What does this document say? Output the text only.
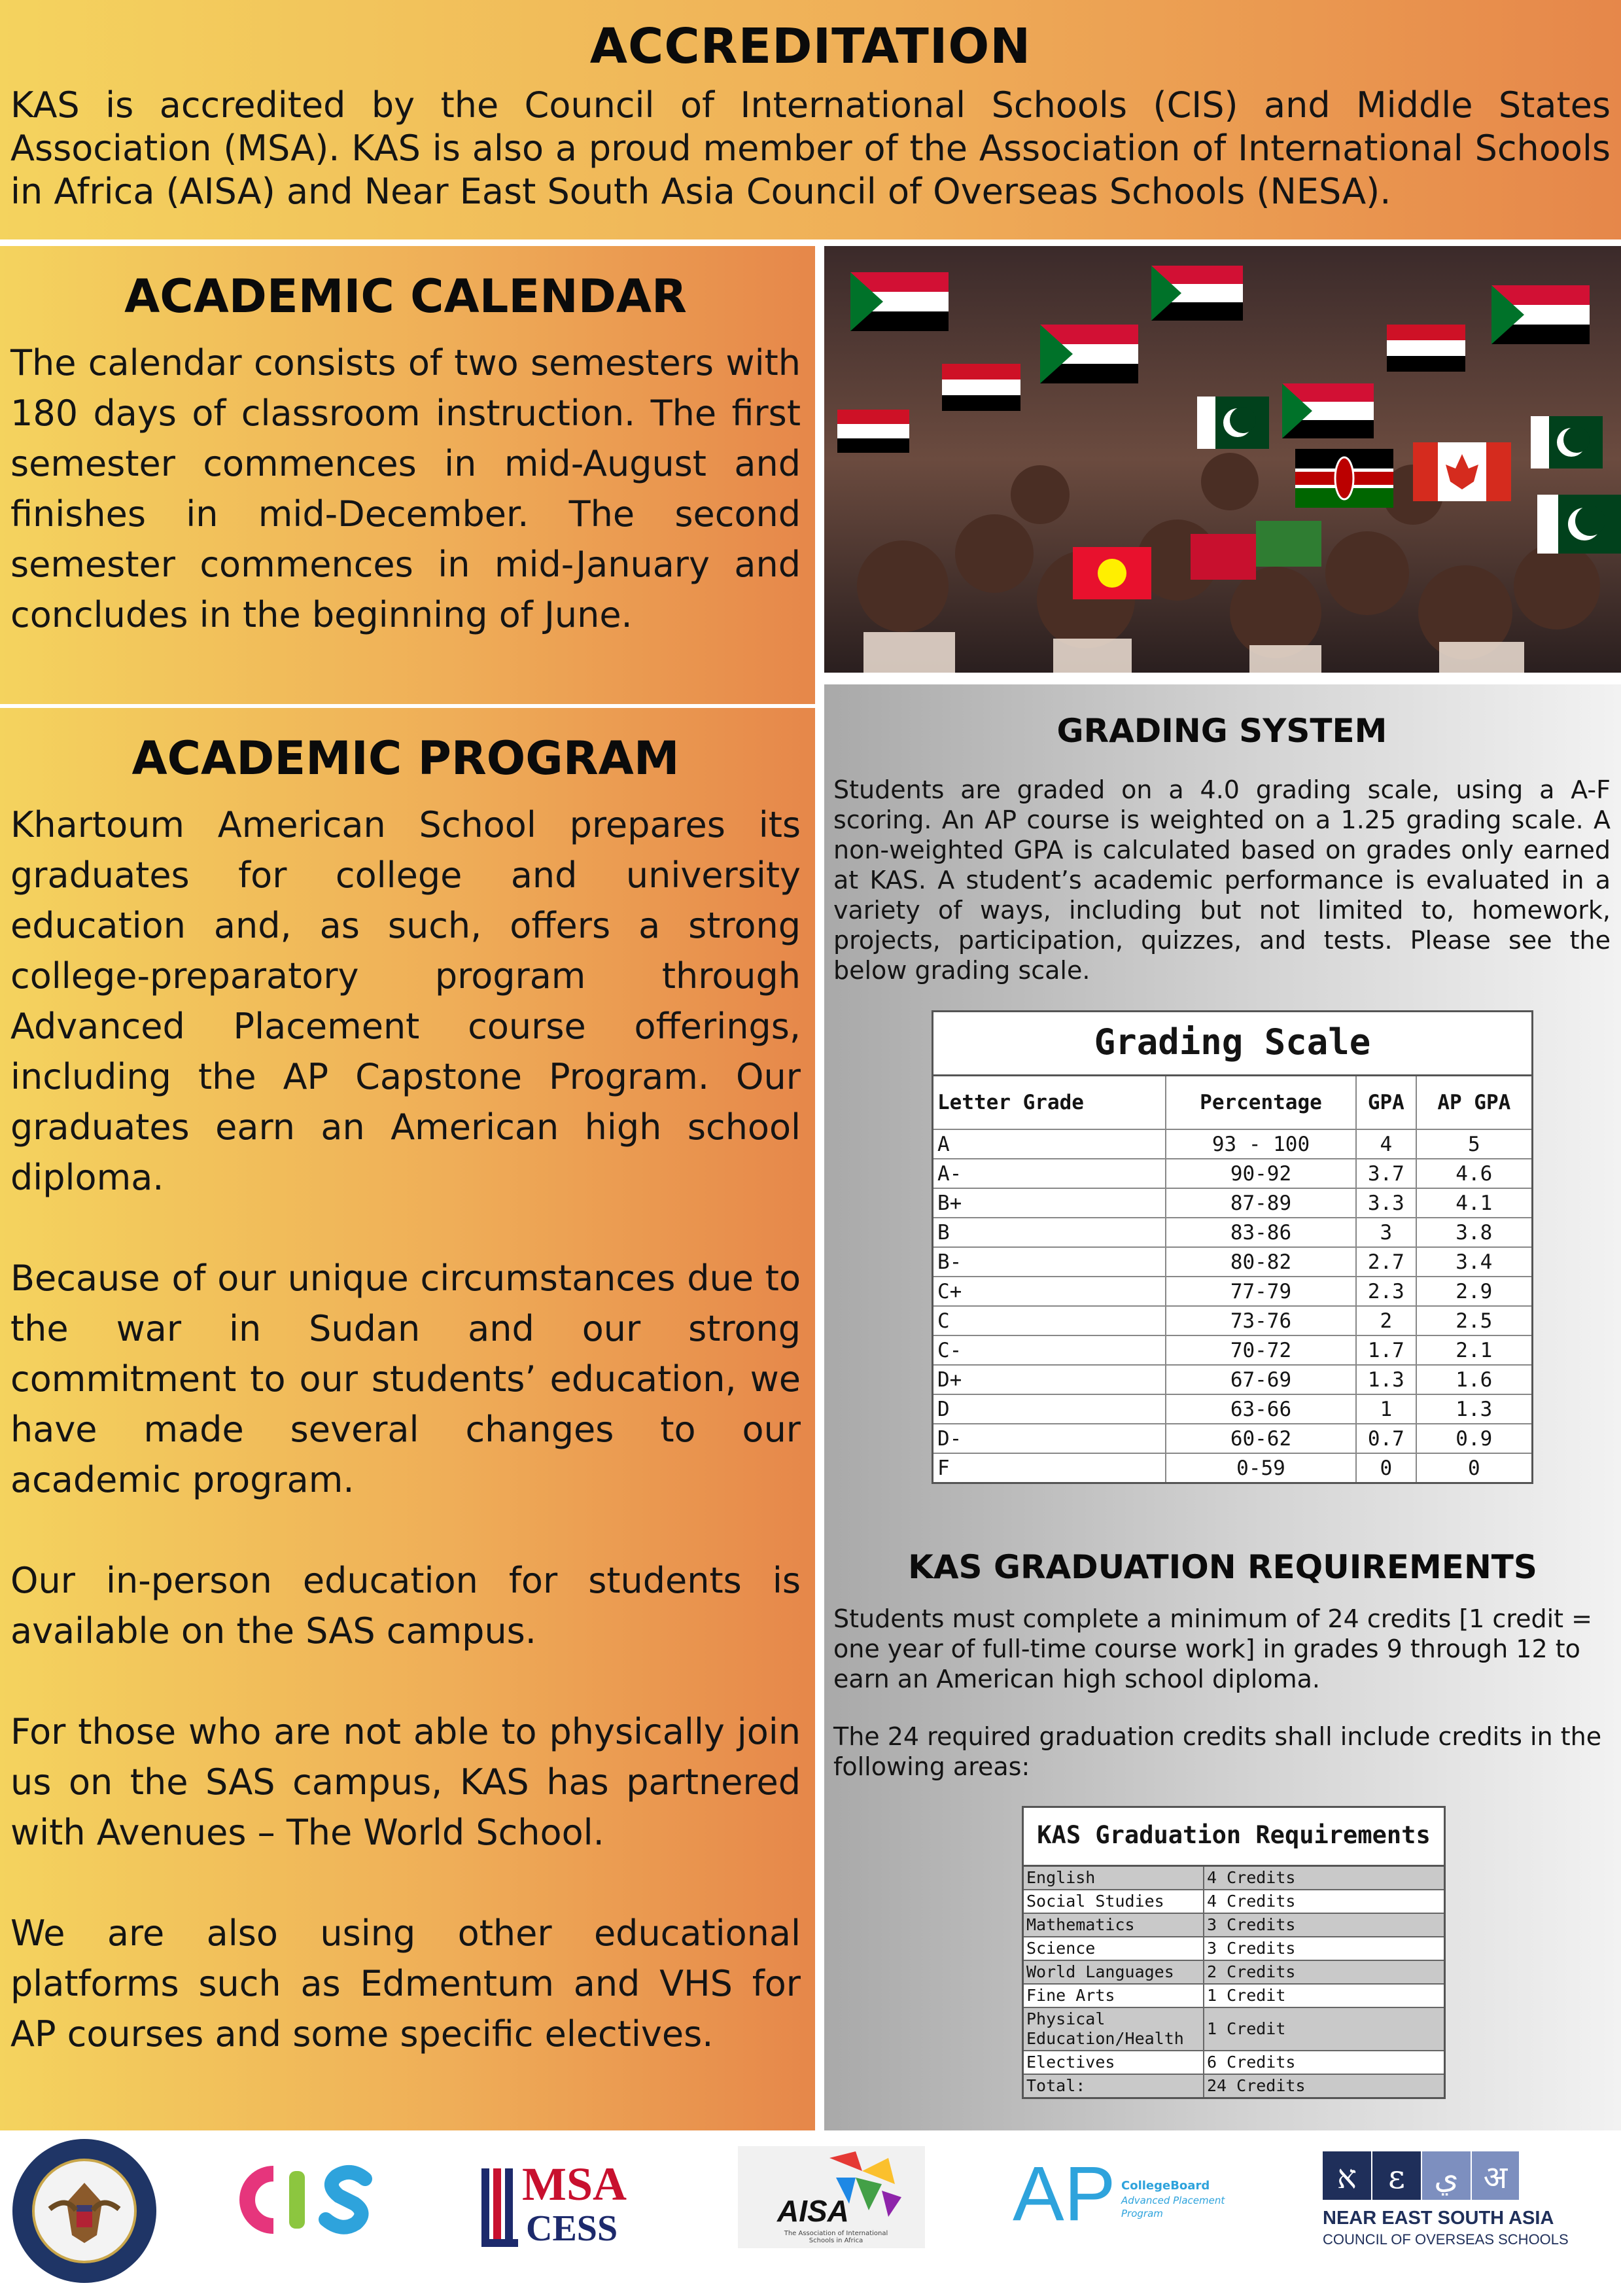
ACCREDITATION

KAS is accredited by the Council of International Schools (CIS) and Middle States Association (MSA). KAS is also a proud member of the Association of International Schools in Africa (AISA) and Near East South Asia Council of Overseas Schools (NESA).

ACADEMIC CALENDAR

The calendar consists of two semesters with 180 days of classroom instruction. The first semester commences in mid-August and finishes in mid-December. The second semester commences in mid-January and concludes in the beginning of June.

ACADEMIC PROGRAM

Khartoum American School prepares its graduates for college and university education and, as such, offers a strong college-preparatory program through Advanced Placement course offerings, including the AP Capstone Program. Our graduates earn an American high school diploma.

Because of our unique circumstances due to the war in Sudan and our strong commitment to our students’ education, we have made several changes to our academic program.

Our in-person education for students is available on the SAS campus.

For those who are not able to physically join us on the SAS campus, KAS has partnered with Avenues – The World School.

We are also using other educational platforms such as Edmentum and VHS for AP courses and some specific electives.

GRADING SYSTEM

Students are graded on a 4.0 grading scale, using a A-F scoring. An AP course is weighted on a 1.25 grading scale. A non-weighted GPA is calculated based on grades only earned at KAS. A student’s academic performance is evaluated in a variety of ways, including but not limited to, homework, projects, participation, quizzes, and tests. Please see the below grading scale.

Grading Scale
Letter Grade	Percentage	GPA	AP GPA
A	93 - 100	4	5
A-	90-92	3.7	4.6
B+	87-89	3.3	4.1
B	83-86	3	3.8
B-	80-82	2.7	3.4
C+	77-79	2.3	2.9
C	73-76	2	2.5
C-	70-72	1.7	2.1
D+	67-69	1.3	1.6
D	63-66	1	1.3
D-	60-62	0.7	0.9
F	0-59	0	0
KAS GRADUATION REQUIREMENTS

Students must complete a minimum of 24 credits [1 credit = one year of full-time course work] in grades 9 through 12 to earn an American high school diploma.

The 24 required graduation credits shall include credits in the following areas:

KAS Graduation Requirements
English	4 Credits
Social Studies	4 Credits
Mathematics	3 Credits
Science	3 Credits
World Languages	2 Credits
Fine Arts	1 Credit
Physical Education/Health	1 Credit
Electives	6 Credits
Total:	24 Credits
MSA
CESS	AISA
The Association of International Schools in Africa
AP CollegeBoard
Advanced Placement
Program
א ε ي अ
NEAR EAST SOUTH ASIA
COUNCIL OF OVERSEAS SCHOOLS
